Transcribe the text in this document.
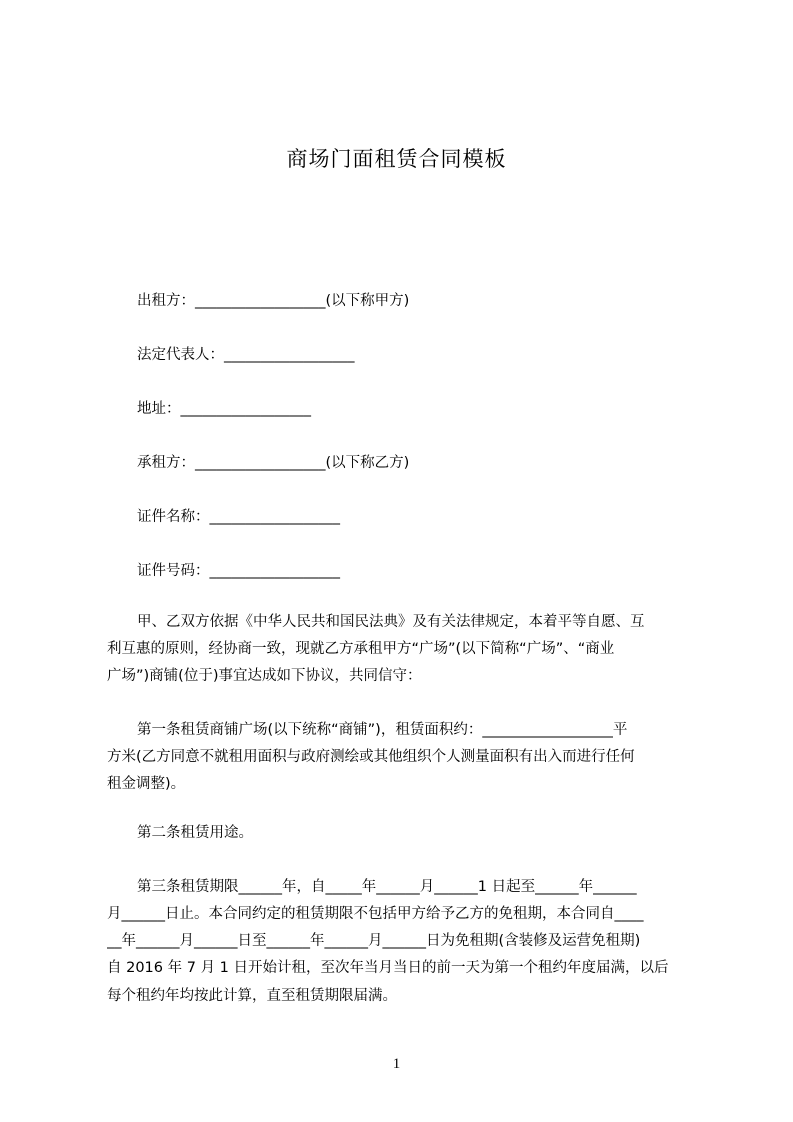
商场门面租赁合同模板
出租方：__________________(以下称甲方)
法定代表人：__________________
地址：__________________
承租方：__________________(以下称乙方)
证件名称：__________________
证件号码：__________________
甲、乙双方依据《中华人民共和国民法典》及有关法律规定，本着平等自愿、互
利互惠的原则，经协商一致，现就乙方承租甲方“广场”(以下简称“广场”、“商业
广场”)商铺(位于)事宜达成如下协议，共同信守：
第一条租赁商铺广场(以下统称“商铺”)，租赁面积约：__________________平
方米(乙方同意不就租用面积与政府测绘或其他组织个人测量面积有出入而进行任何
租金调整)。
第二条租赁用途。
第三条租赁期限______年，自_____年______月______1 日起至______年______
月______日止。本合同约定的租赁期限不包括甲方给予乙方的免租期，本合同自____
__年______月______日至______年______月______日为免租期(含装修及运营免租期)
自 2016 年 7 月 1 日开始计租，至次年当月当日的前一天为第一个租约年度届满，以后
每个租约年均按此计算，直至租赁期限届满。
1
